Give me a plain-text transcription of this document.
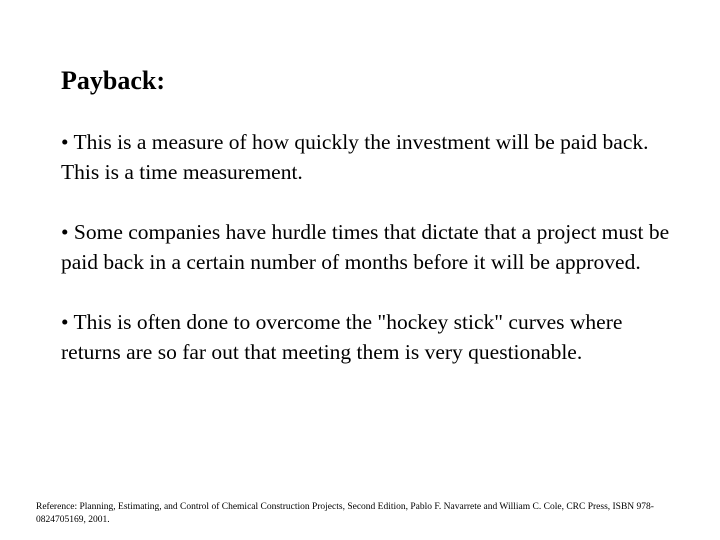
Payback:
• This is a measure of how quickly the investment will be paid back. This is a time measurement.
• Some companies have hurdle times that dictate that a project must be paid back in a certain number of months before it will be approved.
• This is often done to overcome the "hockey stick" curves where returns are so far out that meeting them is very questionable.
Reference: Planning, Estimating, and Control of Chemical Construction Projects, Second Edition, Pablo F. Navarrete and William C. Cole, CRC Press, ISBN 978-0824705169, 2001.
